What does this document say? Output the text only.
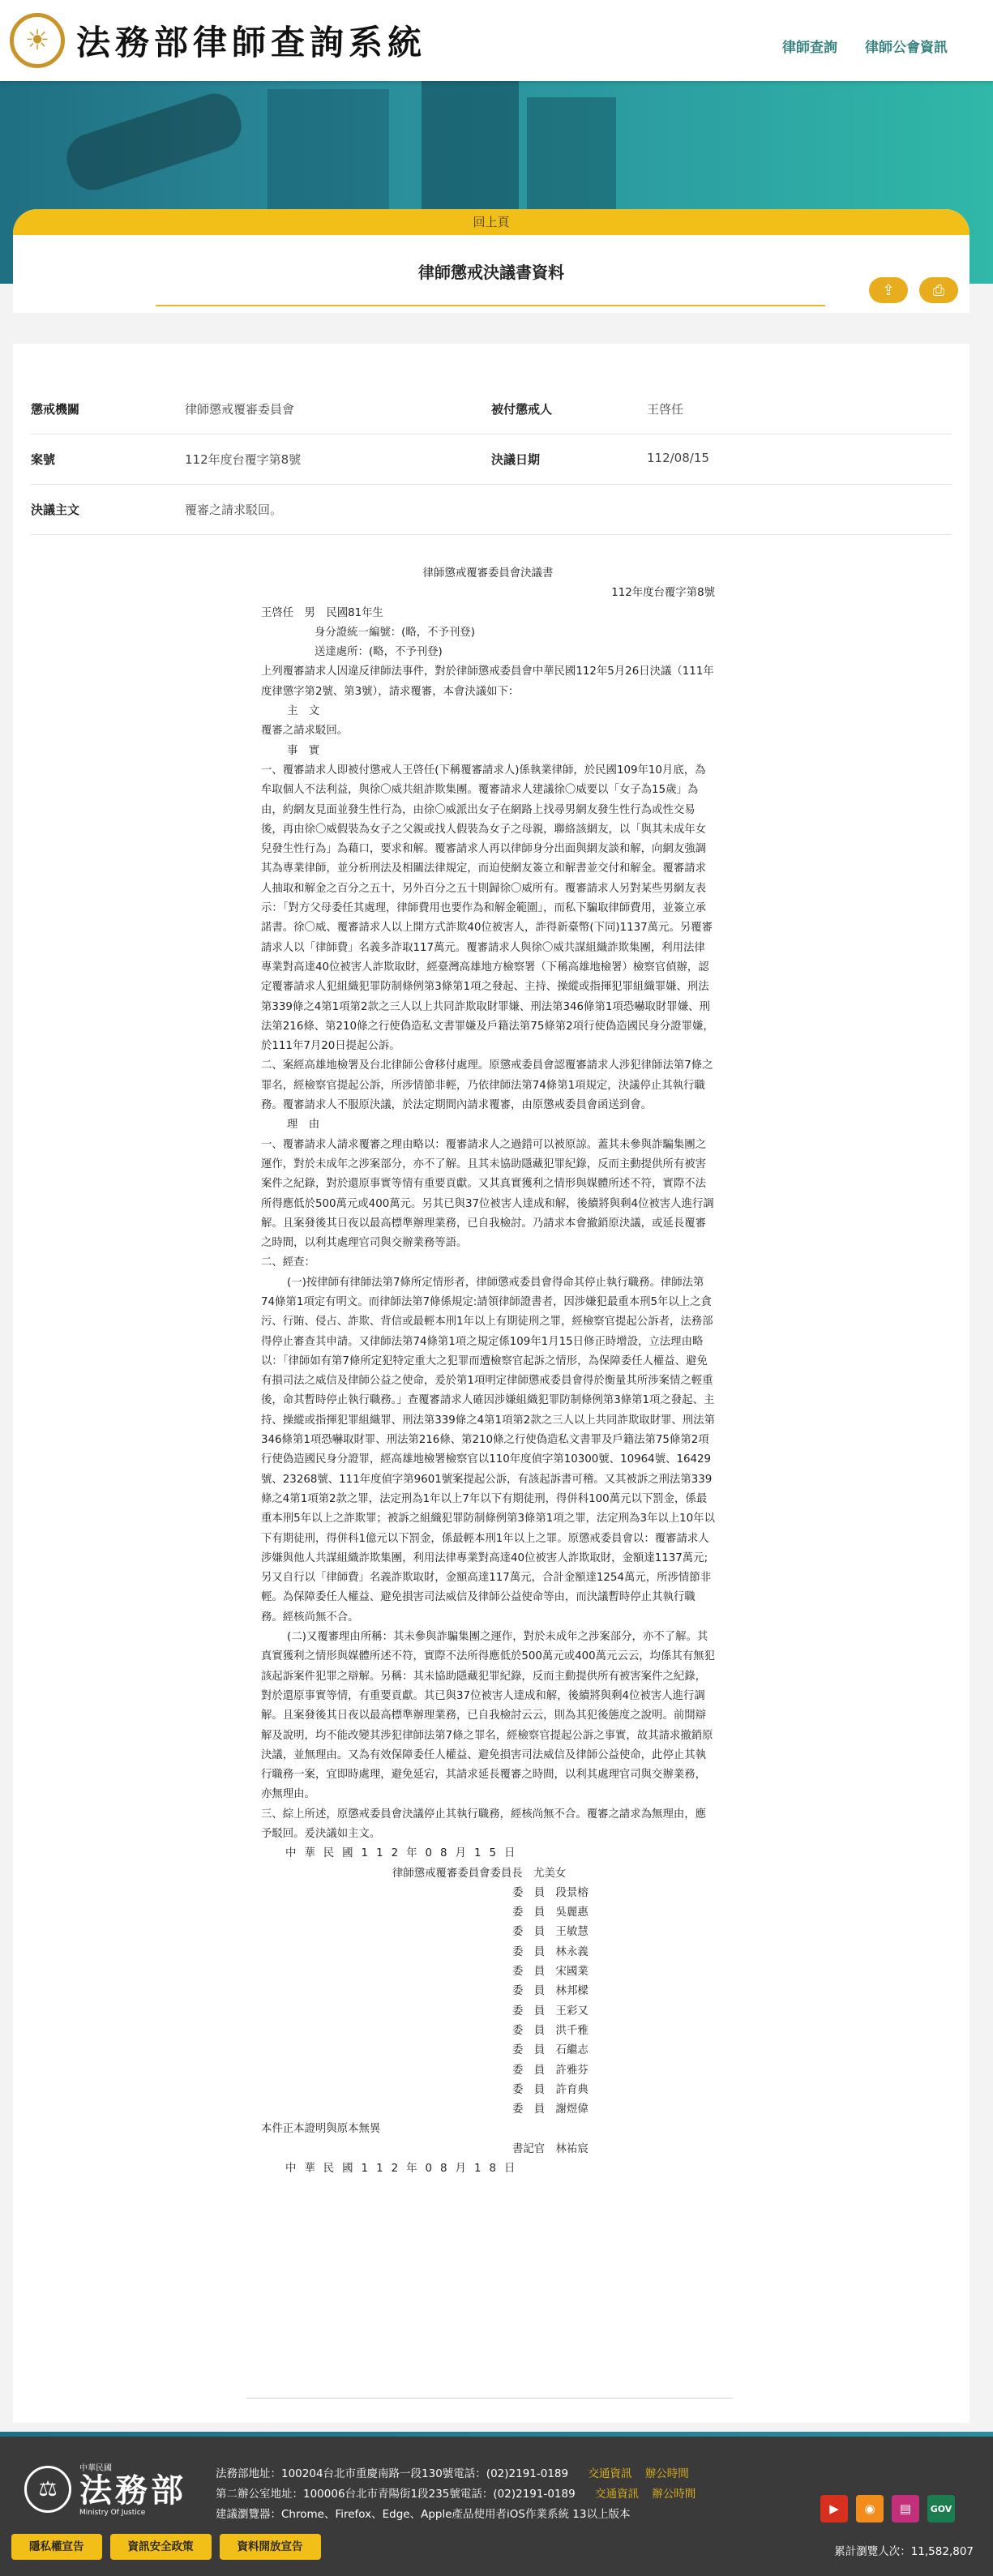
☀ 法務部律師查詢系統	律師查詢 律師公會資訊
回上頁
律師懲戒決議書資料
⇪	⎙
懲戒機關	律師懲戒覆審委員會	被付懲戒人	王啓任
案號	112年度台覆字第8號	決議日期	112/08/15
決議主文	覆審之請求駁回。

律師懲戒覆審委員會決議書

112年度台覆字第8號

王啓任　男　民國81年生

身分證統一編號：(略，不予刊登)

送達處所：(略，不予刊登)

上列覆審請求人因違反律師法事件，對於律師懲戒委員會中華民國112年5月26日決議（111年度律懲字第2號、第3號），請求覆審，本會決議如下：

主　文

覆審之請求駁回。

事　實

一、覆審請求人即被付懲戒人王啓任(下稱覆審請求人)係執業律師，於民國109年10月底，為牟取個人不法利益，與徐〇威共組詐欺集團。覆審請求人建議徐〇威要以「女子為15歲」為由，約網友見面並發生性行為，由徐〇威派出女子在網路上找尋男網友發生性行為或性交易後，再由徐〇威假裝為女子之父親或找人假裝為女子之母親，聯絡該網友，以「與其未成年女兒發生性行為」為藉口，要求和解。覆審請求人再以律師身分出面與網友談和解，向網友強調其為專業律師，並分析刑法及相關法律規定，而迫使網友簽立和解書並交付和解金。覆審請求人抽取和解金之百分之五十，另外百分之五十則歸徐〇威所有。覆審請求人另對某些男網友表示：「對方父母委任其處理，律師費用也要作為和解金範圍」，而私下騙取律師費用，並簽立承諾書。徐〇威、覆審請求人以上開方式詐欺40位被害人，詐得新臺幣(下同)1137萬元。另覆審請求人以「律師費」名義多詐取117萬元。覆審請求人與徐〇威共謀組織詐欺集團，利用法律專業對高達40位被害人詐欺取財，經臺灣高雄地方檢察署（下稱高雄地檢署）檢察官偵辦，認定覆審請求人犯組織犯罪防制條例第3條第1項之發起、主持、操縱或指揮犯罪組織罪嫌、刑法第339條之4第1項第2款之三人以上共同詐欺取財罪嫌、刑法第346條第1項恐嚇取財罪嫌、刑法第216條、第210條之行使偽造私文書罪嫌及戶籍法第75條第2項行使偽造國民身分證罪嫌，於111年7月20日提起公訴。

二、案經高雄地檢署及台北律師公會移付處理。原懲戒委員會認覆審請求人涉犯律師法第7條之罪名，經檢察官提起公訴，所涉情節非輕，乃依律師法第74條第1項規定，決議停止其執行職務。覆審請求人不服原決議，於法定期間內請求覆審，由原懲戒委員會函送到會。

理　由

一、覆審請求人請求覆審之理由略以：覆審請求人之過錯可以被原諒。蓋其未參與詐騙集團之運作，對於未成年之涉案部分，亦不了解。且其未協助隱藏犯罪紀錄，反而主動提供所有被害案件之紀錄，對於還原事實等情有重要貢獻。又其真實獲利之情形與媒體所述不符，實際不法所得應低於500萬元或400萬元。另其已與37位被害人達成和解，後續將與剩4位被害人進行調解。且案發後其日夜以最高標準辦理業務，已自我檢討。乃請求本會撤銷原決議，或延長覆審之時間，以利其處理官司與交辦業務等語。

二、經查：

(一)按律師有律師法第7條所定情形者，律師懲戒委員會得命其停止執行職務。律師法第74條第1項定有明文。而律師法第7條係規定:請領律師證書者，因涉嫌犯最重本刑5年以上之貪污、行賄、侵占、詐欺、背信或最輕本刑1年以上有期徒刑之罪，經檢察官提起公訴者，法務部得停止審查其申請。又律師法第74條第1項之規定係109年1月15日修正時增設，立法理由略以：「律師如有第7條所定犯特定重大之犯罪而遭檢察官起訴之情形，為保障委任人權益、避免有損司法之威信及律師公益之使命，爰於第1項明定律師懲戒委員會得於衡量其所涉案情之輕重後，命其暫時停止執行職務。」查覆審請求人確因涉嫌組織犯罪防制條例第3條第1項之發起、主持、操縱或指揮犯罪組織罪、刑法第339條之4第1項第2款之三人以上共同詐欺取財罪、刑法第346條第1項恐嚇取財罪、刑法第216條、第210條之行使偽造私文書罪及戶籍法第75條第2項行使偽造國民身分證罪，經高雄地檢署檢察官以110年度偵字第10300號、10964號、16429號、23268號、111年度偵字第9601號案提起公訴，有該起訴書可稽。又其被訴之刑法第339條之4第1項第2款之罪，法定刑為1年以上7年以下有期徒刑，得併科100萬元以下罰金，係最重本刑5年以上之詐欺罪；被訴之組織犯罪防制條例第3條第1項之罪，法定刑為3年以上10年以下有期徒刑，得併科1億元以下罰金，係最輕本刑1年以上之罪。原懲戒委員會以：覆審請求人涉嫌與他人共謀組織詐欺集團，利用法律專業對高達40位被害人詐欺取財，金額達1137萬元;另又自行以「律師費」名義詐欺取財，金額高達117萬元，合計金額達1254萬元，所涉情節非輕。為保障委任人權益、避免損害司法威信及律師公益使命等由，而決議暫時停止其執行職務。經核尚無不合。

(二)又覆審理由所稱：其未參與詐騙集團之運作，對於未成年之涉案部分，亦不了解。其真實獲利之情形與媒體所述不符，實際不法所得應低於500萬元或400萬元云云，均係其有無犯該起訴案件犯罪之辯解。另稱：其未協助隱藏犯罪紀錄，反而主動提供所有被害案件之紀錄，對於還原事實等情，有重要貢獻。其已與37位被害人達成和解，後續將與剩4位被害人進行調解。且案發後其日夜以最高標準辦理業務，已自我檢討云云，則為其犯後態度之說明。前開辯解及說明，均不能改變其涉犯律師法第7條之罪名，經檢察官提起公訴之事實，故其請求撤銷原決議，並無理由。又為有效保障委任人權益、避免損害司法威信及律師公益使命，此停止其執行職務一案，宜即時處理，避免延宕，其請求延長覆審之時間，以利其處理官司與交辦業務，亦無理由。

三、綜上所述，原懲戒委員會決議停止其執行職務，經核尚無不合。覆審之請求為無理由，應予駁回。爰決議如主文。

中華民國112年08月15日

律師懲戒覆審委員會委員長　尤美女

委　員　段景榕

委　員　吳麗惠

委　員　王敏慧

委　員　林永義

委　員　宋國業

委　員　林邦樑

委　員　王彩又

委　員　洪千雅

委　員　石繼志

委　員　許雅芬

委　員　許育典

委　員　謝煜偉

本件正本證明與原本無異

書記官　林祐宸

中華民國112年08月18日

⚖
中華民國
法務部
Ministry Of Justice
法務部地址：100204台北市重慶南路一段130號電話：(02)2191-0189 交通資訊 辦公時間
第二辦公室地址：100006台北市青陽街1段235號電話：(02)2191-0189 交通資訊 辦公時間
建議瀏覽器：Chrome、Firefox、Edge、Apple產品使用者iOS作業系統 13以上版本	▶	◉	▤	GOV
隱私權宣告	資訊安全政策	資料開放宣告	累計瀏覽人次：11,582,807
